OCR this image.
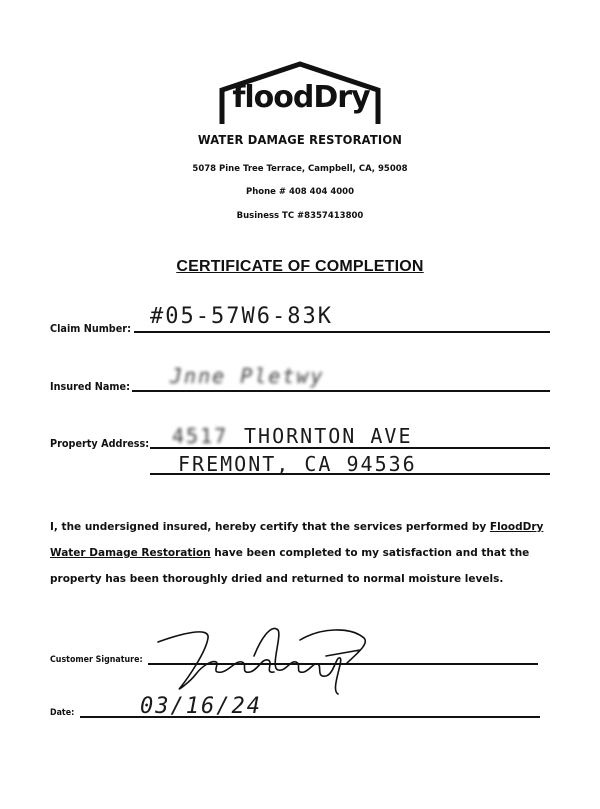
floodDry
WATER DAMAGE RESTORATION
5078 Pine Tree Terrace, Campbell, CA, 95008
Phone # 408 404 4000
Business TC #8357413800
CERTIFICATE OF COMPLETION
Claim Number: #05-57W6-83K
Insured Name: Jnne Pletwy
Property Address: 4517 THORNTON AVE
FREMONT, CA 94536
I, the undersigned insured, hereby certify that the services performed by FloodDry Water Damage Restoration have been completed to my satisfaction and that the property has been thoroughly dried and returned to normal moisture levels.
Customer Signature:
Date:	03/16/24
